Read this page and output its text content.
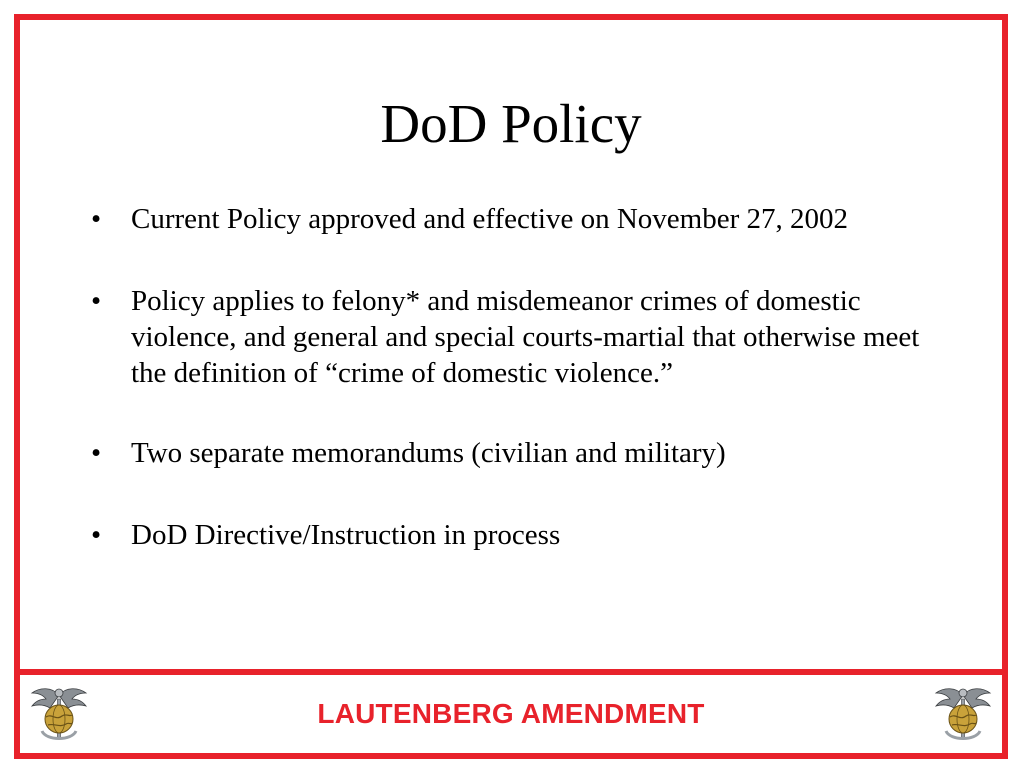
DoD Policy
• Current Policy approved and effective on November 27, 2002
• Policy applies to felony* and misdemeanor crimes of domestic violence, and general and special courts-martial that otherwise meet the definition of “crime of domestic violence.”
• Two separate memorandums (civilian and military)
• DoD Directive/Instruction in process
LAUTENBERG AMENDMENT
